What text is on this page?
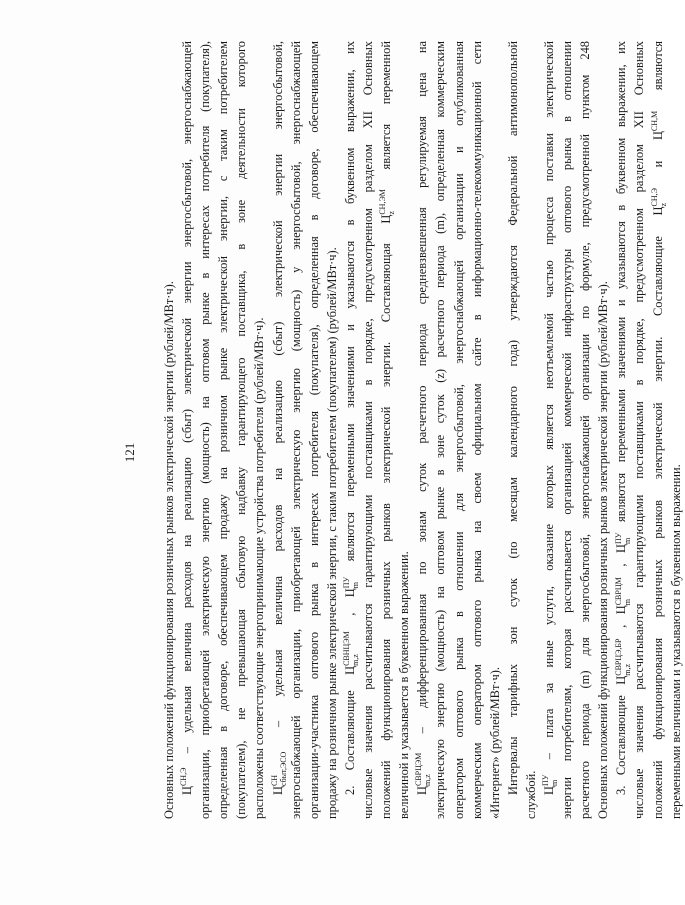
121 Основных положений функционирования розничных рынков электрической энергии (рублей/МВт·ч). Ц
СН,Э

– удельная величина расходов на реализацию (сбыт) электрической энергии энергосбытовой, энергоснабжающей организации, приобретающей электрическую энергию (мощность) на оптовом рынке в интересах потребителя (покупателя), определенная в договоре, обеспечивающем продажу на розничном рынке электрической энергии, с таким потребителем (покупателем), не превышающая сбытовую надбавку гарантирующего поставщика, в зоне деятельности которого расположены соответствующие энергопринимающие устройства потребителя (рублей/МВт·ч). Ц
СН сбыт,ЭСО
– удельная величина расходов на реализацию (сбыт) электрической энергии энергосбытовой, энергоснабжающей организации, приобретающей электрическую энергию (мощность) у энергосбытовой, энергоснабжающей организации-участника оптового рынка в интересах потребителя (покупателя), определенная в договоре, обеспечивающем продажу на розничном рынке электрической энергии, с таким потребителем (покупателем) (рублей/МВт·ч). 2. Составляющие Ц
СВНЦЭМ m,z
, Ц
ПУ m
являются переменными значениями и указываются в буквенном выражении, их числовые значения рассчитываются гарантирующими поставщиками в порядке, предусмотренном разделом XII Основных положений функционирования розничных рынков электрической энергии. Составляющая Ц
СН,ЭМ z
является переменной
величиной и указывается в буквенном выражении. Ц
СВРЦЭМ m,z
– дифференцированная по зонам суток расчетного периода средневзвешенная регулируемая цена на электрическую энергию (мощность) на оптовом рынке в зоне суток (z) расчетного периода (m), определенная коммерческим оператором оптового рынка в отношении для энергосбытовой, энергоснабжающей организации и опубликованная коммерческим оператором оптового рынка на своем официальном сайте в информационно-телекоммуникационной сети «Интернет» (рублей/МВт·ч). Интервалы тарифных зон суток (по месяцам календарного года) утверждаются Федеральной антимонопольной службой. Ц
ПУ m
– плата за иные услуги, оказание которых является неотъемлемой частью процесса поставки электрической энергии потребителям, которая рассчитывается организацией коммерческой инфраструктуры оптового рынка в отношении расчетного периода (m) для энергосбытовой, энергоснабжающей организации по формуле, предусмотренной пунктом 248 Основных положений функционирования розничных рынков электрической энергии (рублей/МВт·ч). 3. Составляющие Ц
СВРЦЭ,БР m,z
, Ц
СВРЦМ m
, Ц
ПУ m
являются переменными значениями и указываются в буквенном выражении, их числовые значения рассчитываются гарантирующими поставщиками в порядке, предусмотренном разделом XII Основных положений функционирования розничных рынков электрической энергии. Составляющие Ц
СН,Э z
и Ц
СН,М

являются
переменными величинами и указываются в буквенном выражении.
